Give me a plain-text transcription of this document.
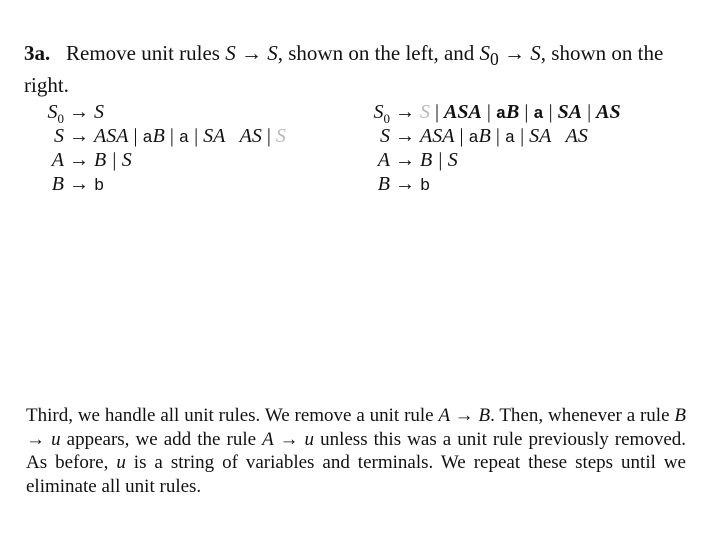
3a. Remove unit rules S → S, shown on the left, and $S_0 \to S$, shown on the right.

$S_0 \to S$
S → ASA | aB | a | SA AS | S
A → B | S
B → b
$S_0 \to S$ | ASA | aB | a | SA | AS
S → ASA | aB | a | SA AS
A → B | S
B → b

Third, we handle all unit rules. We remove a unit rule A → B. Then, whenever a rule B → u appears, we add the rule A → u unless this was a unit rule previously removed. As before, u is a string of variables and terminals. We repeat these steps until we eliminate all unit rules.
